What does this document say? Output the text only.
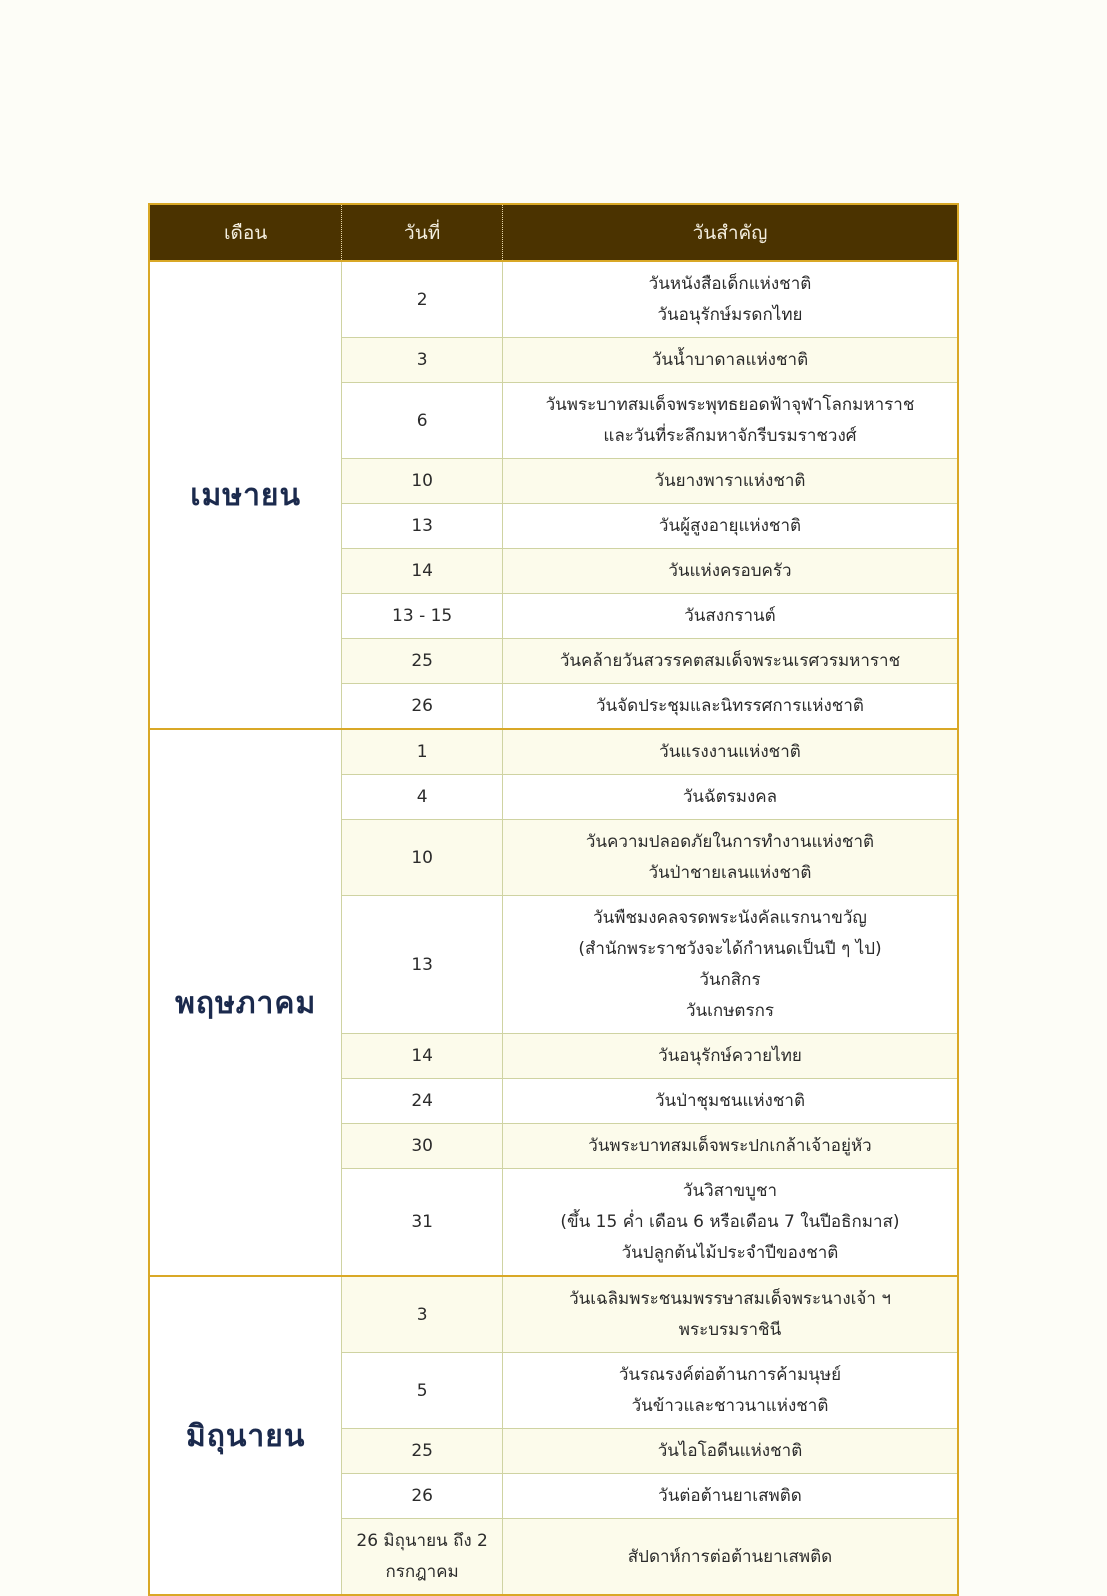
เดือน	วันที่	วันสำคัญ
เมษายน	2	วันหนังสือเด็กแห่งชาติ
วันอนุรักษ์มรดกไทย

	3	วันน้ำบาดาลแห่งชาติ

	6	วันพระบาทสมเด็จพระพุทธยอดฟ้าจุฬาโลกมหาราช
และวันที่ระลึกมหาจักรีบรมราชวงศ์

	10	วันยางพาราแห่งชาติ

	13	วันผู้สูงอายุแห่งชาติ

	14	วันแห่งครอบครัว

	13 - 15	วันสงกรานต์

	25	วันคล้ายวันสวรรคตสมเด็จพระนเรศวรมหาราช

	26	วันจัดประชุมและนิทรรศการแห่งชาติ

พฤษภาคม	1	วันแรงงานแห่งชาติ

	4	วันฉัตรมงคล

	10	วันความปลอดภัยในการทำงานแห่งชาติ
วันป่าชายเลนแห่งชาติ

	13	วันพืชมงคลจรดพระนังคัลแรกนาขวัญ
(สำนักพระราชวังจะได้กำหนดเป็นปี ๆ ไป)
วันกสิกร
วันเกษตรกร

	14	วันอนุรักษ์ควายไทย

	24	วันป่าชุมชนแห่งชาติ

	30	วันพระบาทสมเด็จพระปกเกล้าเจ้าอยู่หัว

	31	วันวิสาขบูชา
(ขึ้น 15 ค่ำ เดือน 6 หรือเดือน 7 ในปีอธิกมาส)
วันปลูกต้นไม้ประจำปีของชาติ

มิถุนายน	3	วันเฉลิมพระชนมพรรษาสมเด็จพระนางเจ้า ฯ
พระบรมราชินี

	5	วันรณรงค์ต่อต้านการค้ามนุษย์
วันข้าวและชาวนาแห่งชาติ

	25	วันไอโอดีนแห่งชาติ

	26	วันต่อต้านยาเสพติด

	26 มิถุนายน ถึง 2 กรกฎาคม	สัปดาห์การต่อต้านยาเสพติด
